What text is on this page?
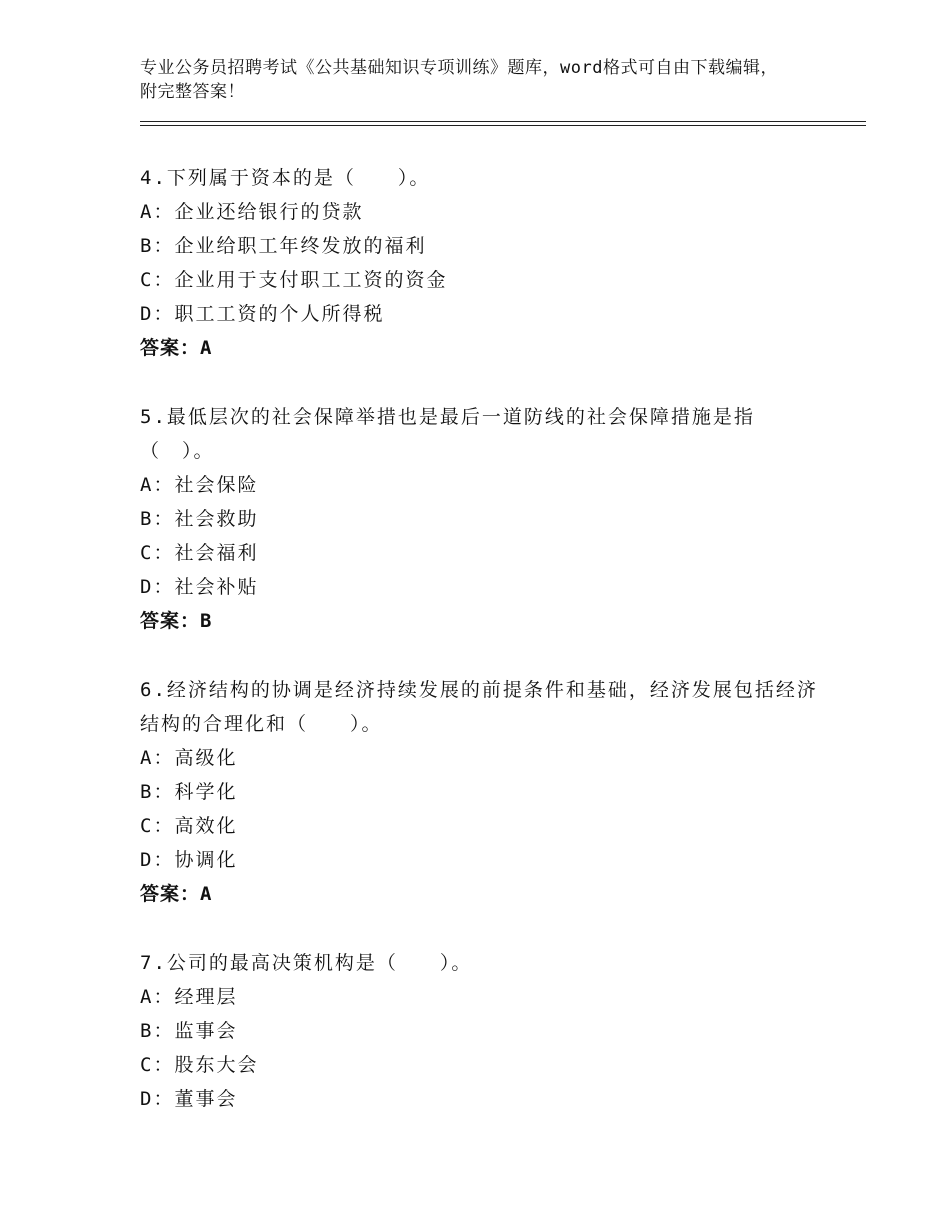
专业公务员招聘考试《公共基础知识专项训练》题库，word格式可自由下载编辑，附完整答案！

4.下列属于资本的是（　　）。

A：企业还给银行的贷款

B：企业给职工年终发放的福利

C：企业用于支付职工工资的资金

D：职工工资的个人所得税

答案：A

5.最低层次的社会保障举措也是最后一道防线的社会保障措施是指（　）。

A：社会保险

B：社会救助

C：社会福利

D：社会补贴

答案：B

6.经济结构的协调是经济持续发展的前提条件和基础，经济发展包括经济结构的合理化和（　　）。

A：高级化

B：科学化

C：高效化

D：协调化

答案：A

7.公司的最高决策机构是（　　）。

A：经理层

B：监事会

C：股东大会

D：董事会
